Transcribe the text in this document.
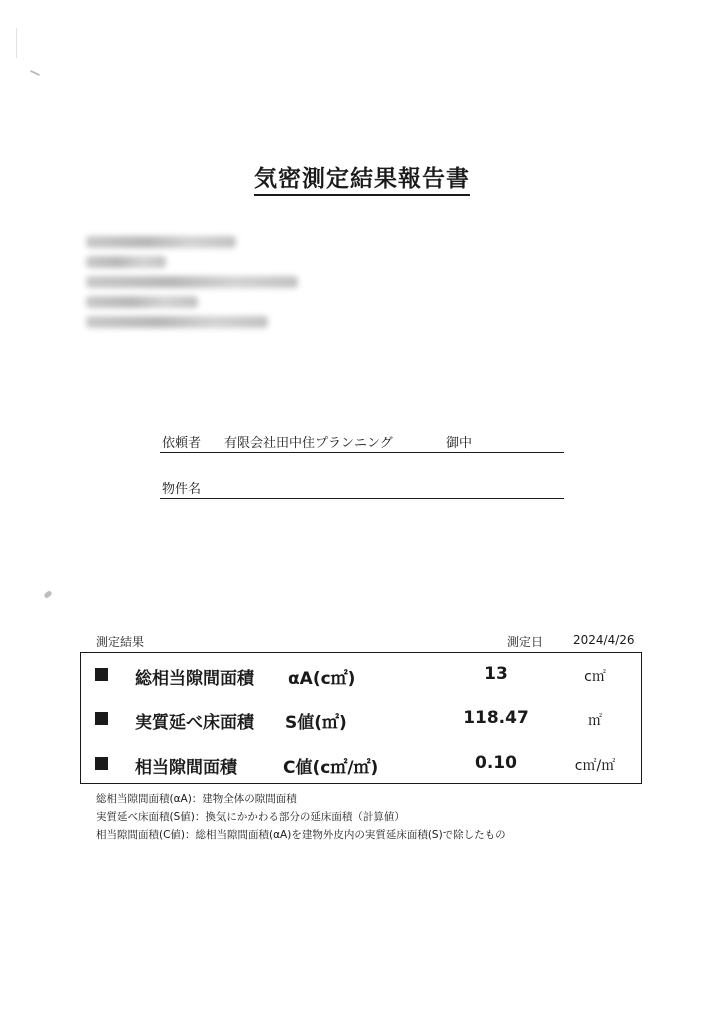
気密測定結果報告書
依頼者 有限会社田中住プランニング	御中
物件名
測定結果	測定日 2024/4/26
総相当隙間面積 αA(c㎡)	13	c㎡
実質延べ床面積 S値(㎡)	118.47	㎡
相当隙間面積	C値(c㎡/㎡)	0.10	c㎡/㎡
総相当隙間面積(αA)：建物全体の隙間面積
実質延べ床面積(S値)：換気にかかわる部分の延床面積（計算値）
相当隙間面積(C値)：総相当隙間面積(αA)を建物外皮内の実質延床面積(S)で除したもの
